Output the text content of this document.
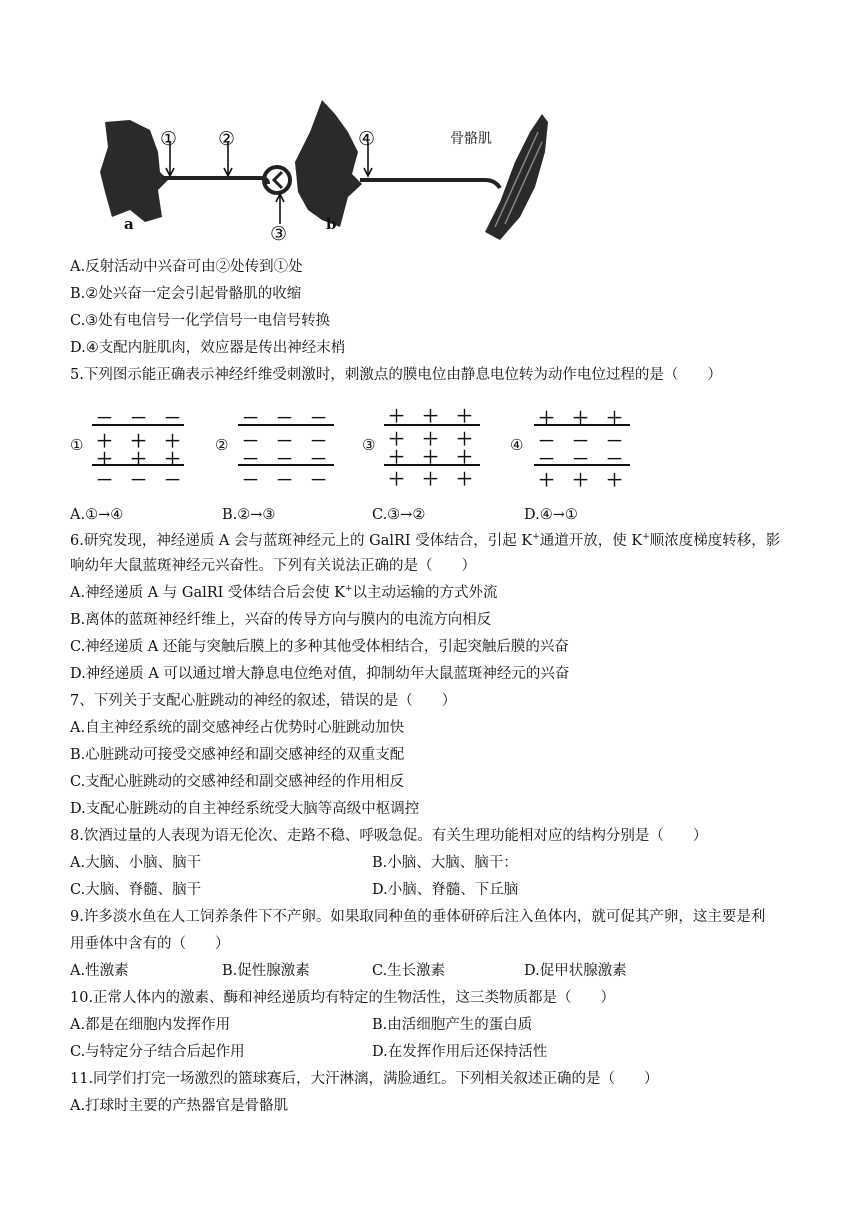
① ②
③
④
a	b
骨骼肌
A.反射活动中兴奋可由②处传到①处
B.②处兴奋一定会引起骨骼肌的收缩
C.③处有电信号一化学信号一电信号转换
D.④支配内脏肌肉，效应器是传出神经末梢
5.下列图示能正确表示神经纤维受刺激时，刺激点的膜电位由静息电位转为动作电位过程的是（　　）
①
－　－　－
＋　＋　＋
＋　＋　＋
－　－　－
②
－　－　－
－　－　－
－　－　－
－　－　－
③
＋　＋　＋
＋　＋　＋
＋　＋　＋
＋　＋　＋
④
＋　＋　＋
－　－　－
－　－　－
＋　＋　＋
A.①→④	B.②→③	C.③→②	D.④→①
6.研究发现，神经递质 A 会与蓝斑神经元上的 GalRI 受体结合，引起 K+通道开放，使 K+顺浓度梯度转移，影
响幼年大鼠蓝斑神经元兴奋性。下列有关说法正确的是（　　）
A.神经递质 A 与 GalRI 受体结合后会使 K+以主动运输的方式外流
B.离体的蓝斑神经纤维上，兴奋的传导方向与膜内的电流方向相反
C.神经递质 A 还能与突触后膜上的多种其他受体相结合，引起突触后膜的兴奋
D.神经递质 A 可以通过增大静息电位绝对值，抑制幼年大鼠蓝斑神经元的兴奋
7、下列关于支配心脏跳动的神经的叙述，错误的是（　　）
A.自主神经系统的副交感神经占优势时心脏跳动加快
B.心脏跳动可接受交感神经和副交感神经的双重支配
C.支配心脏跳动的交感神经和副交感神经的作用相反
D.支配心脏跳动的自主神经系统受大脑等高级中枢调控
8.饮酒过量的人表现为语无伦次、走路不稳、呼吸急促。有关生理功能相对应的结构分别是（　　）
A.大脑、小脑、脑干	B.小脑、大脑、脑干：
C.大脑、脊髓、脑干	D.小脑、脊髓、下丘脑
9.许多淡水鱼在人工饲养条件下不产卵。如果取同种鱼的垂体研碎后注入鱼体内，就可促其产卵，这主要是利
用垂体中含有的（　　）
A.性激素	B.促性腺激素	C.生长激素	D.促甲状腺激素
10.正常人体内的激素、酶和神经递质均有特定的生物活性，这三类物质都是（　　）
A.都是在细胞内发挥作用	B.由活细胞产生的蛋白质
C.与特定分子结合后起作用	D.在发挥作用后还保持活性
11.同学们打完一场激烈的篮球赛后，大汗淋漓，满脸通红。下列相关叙述正确的是（　　）
A.打球时主要的产热器官是骨骼肌
